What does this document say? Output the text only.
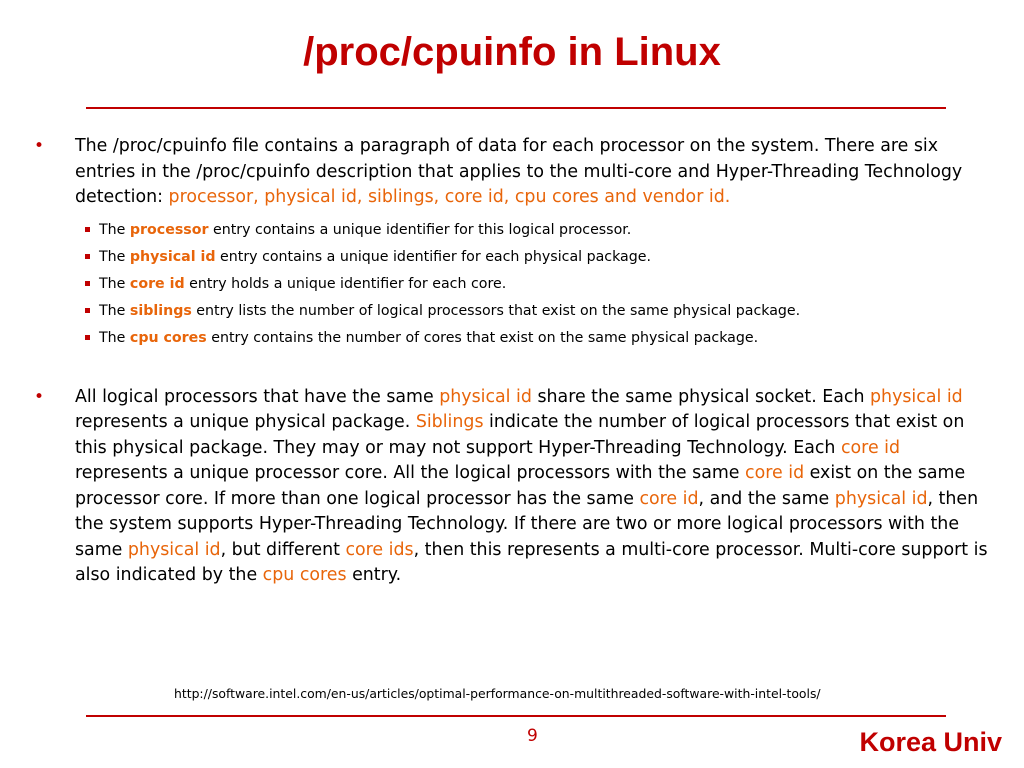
/proc/cpuinfo in Linux

• The /proc/cpuinfo file contains a paragraph of data for each processor on the system. There are six entries in the /proc/cpuinfo description that applies to the multi-core and Hyper-Threading Technology detection: processor, physical id, siblings, core id, cpu cores and vendor id.

The processor entry contains a unique identifier for this logical processor.
The physical id entry contains a unique identifier for each physical package.
The core id entry holds a unique identifier for each core.
The siblings entry lists the number of logical processors that exist on the same physical package.
The cpu cores entry contains the number of cores that exist on the same physical package.

• All logical processors that have the same physical id share the same physical socket. Each physical id represents a unique physical package. Siblings indicate the number of logical processors that exist on this physical package. They may or may not support Hyper-Threading Technology. Each core id represents a unique processor core. All the logical processors with the same core id exist on the same processor core. If more than one logical processor has the same core id, and the same physical id, then the system supports Hyper-Threading Technology. If there are two or more logical processors with the same physical id, but different core ids, then this represents a multi-core processor. Multi-core support is also indicated by the cpu cores entry.

http://software.intel.com/en-us/articles/optimal-performance-on-multithreaded-software-with-intel-tools/
9	Korea Univ
